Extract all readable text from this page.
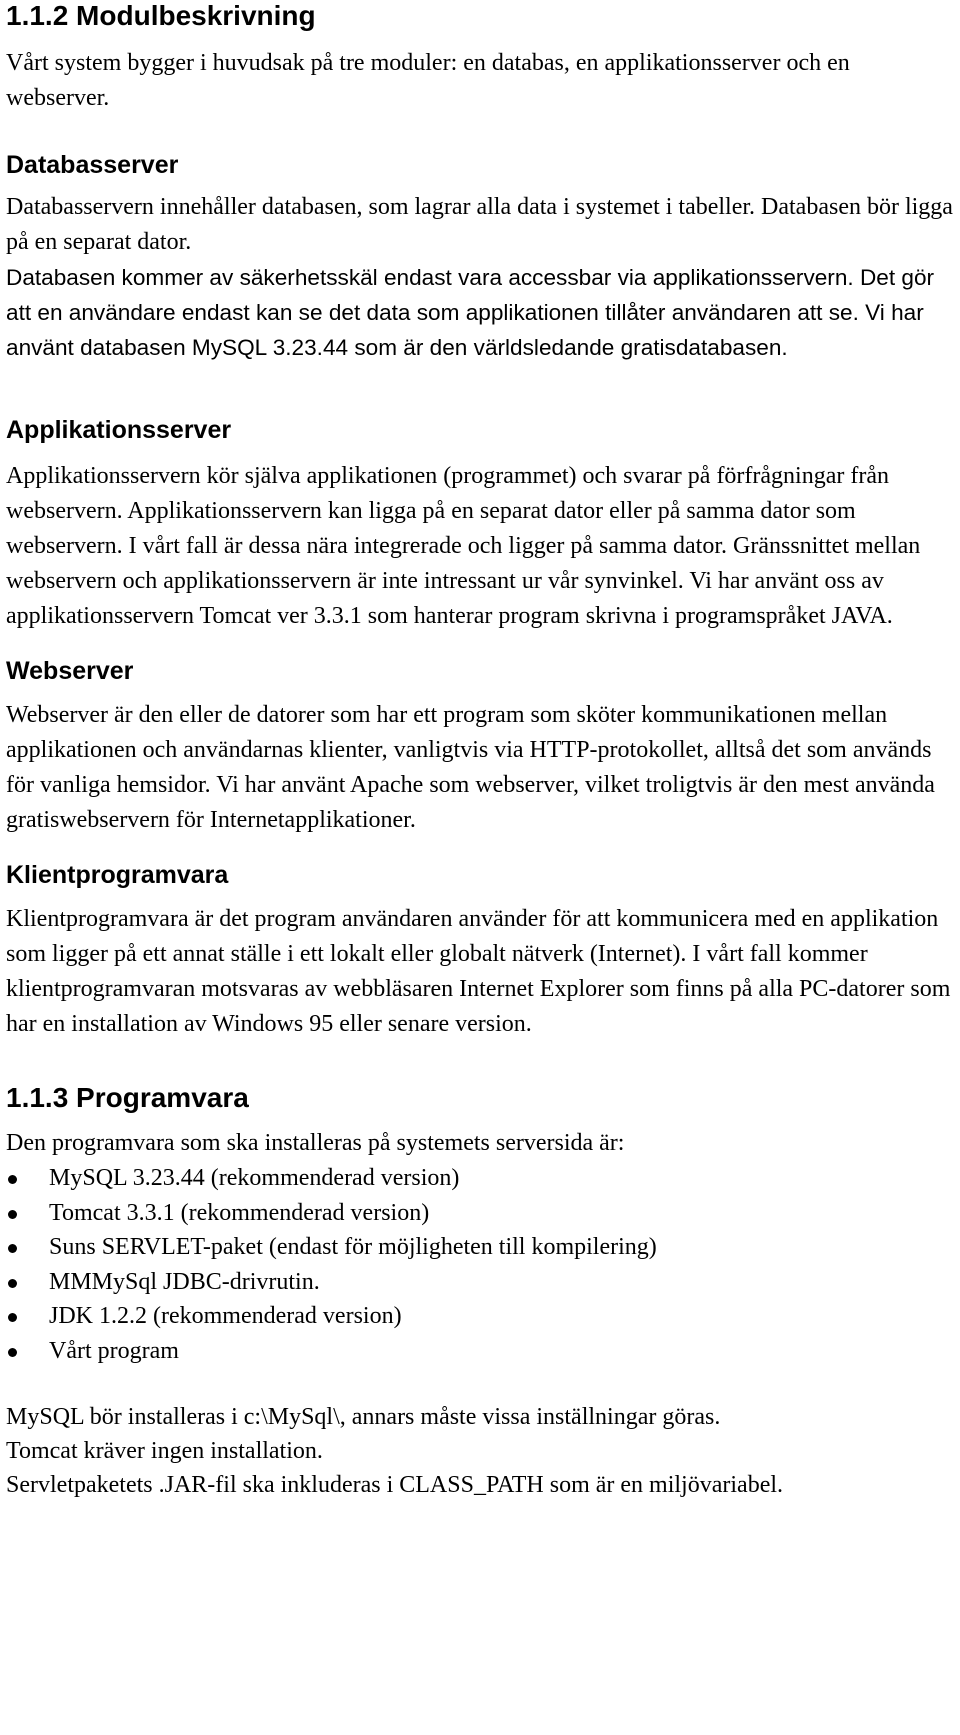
1.1.2 Modulbeskrivning

Vårt system bygger i huvudsak på tre moduler: en databas, en applikationsserver och en webserver.

Databasserver

Databasservern innehåller databasen, som lagrar alla data i systemet i tabeller. Databasen bör ligga på en separat dator.

Databasen kommer av säkerhetsskäl endast vara accessbar via applikationsservern. Det gör att en användare endast kan se det data som applikationen tillåter användaren att se. Vi har använt databasen MySQL 3.23.44 som är den världsledande gratisdatabasen.

Applikationsserver

Applikationsservern kör själva applikationen (programmet) och svarar på förfrågningar från webservern. Applikationsservern kan ligga på en separat dator eller på samma dator som webservern. I vårt fall är dessa nära integrerade och ligger på samma dator. Gränssnittet mellan webservern och applikationsservern är inte intressant ur vår synvinkel. Vi har använt oss av applikationsservern Tomcat ver 3.3.1 som hanterar program skrivna i programspråket JAVA.

Webserver

Webserver är den eller de datorer som har ett program som sköter kommunikationen mellan applikationen och användarnas klienter, vanligtvis via HTTP-protokollet, alltså det som används för vanliga hemsidor. Vi har använt Apache som webserver, vilket troligtvis är den mest använda gratiswebservern för Internetapplikationer.

Klientprogramvara

Klientprogramvara är det program användaren använder för att kommunicera med en applikation som ligger på ett annat ställe i ett lokalt eller globalt nätverk (Internet). I vårt fall kommer klientprogramvaran motsvaras av webbläsaren Internet Explorer som finns på alla PC-datorer som har en installation av Windows 95 eller senare version.

1.1.3 Programvara

Den programvara som ska installeras på systemets serversida är:

MySQL 3.23.44 (rekommenderad version)
Tomcat 3.3.1 (rekommenderad version)
Suns SERVLET-paket (endast för möjligheten till kompilering)
MMMySql JDBC-drivrutin.
JDK 1.2.2 (rekommenderad version)
Vårt program

MySQL bör installeras i c:\MySql\, annars måste vissa inställningar göras.
Tomcat kräver ingen installation.
Servletpaketets .JAR-fil ska inkluderas i CLASS_PATH som är en miljövariabel.
